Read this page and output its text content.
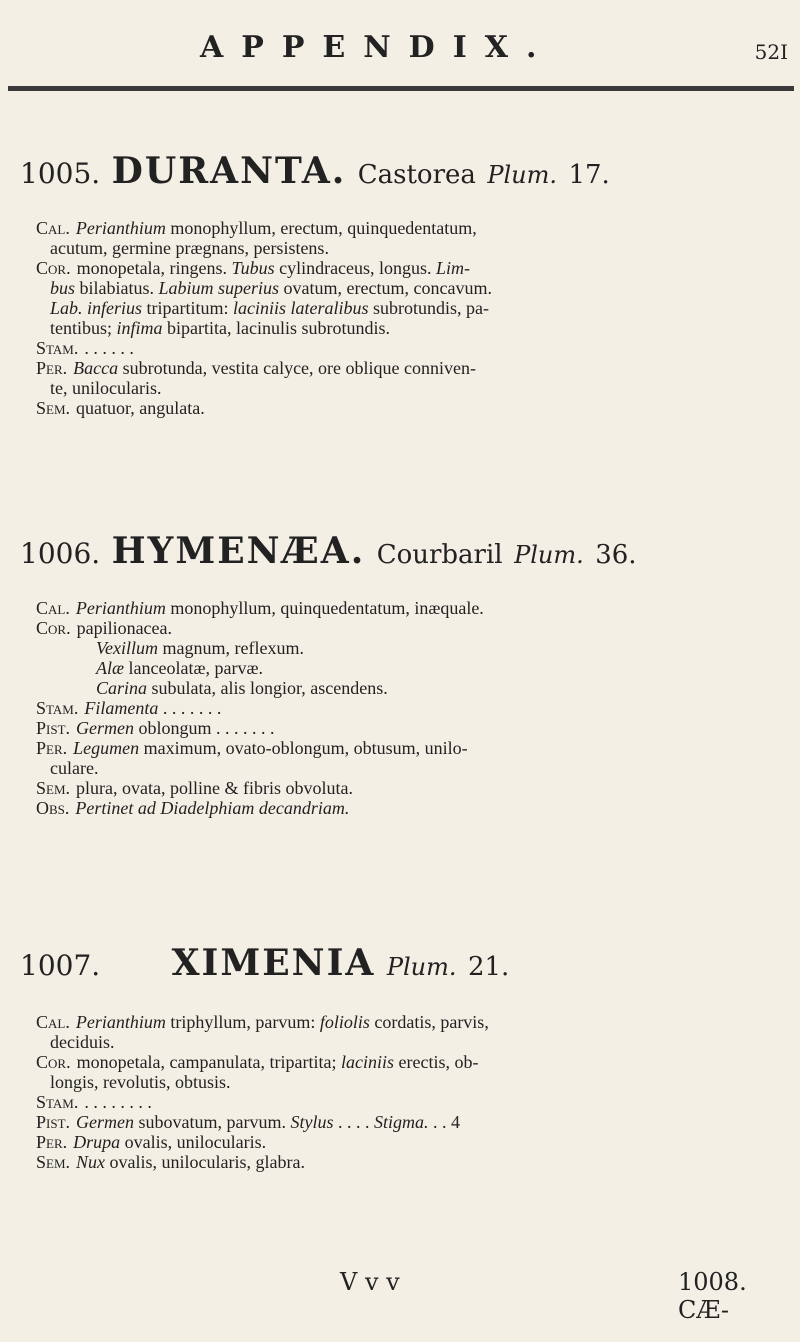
APPENDIX.	52I
1005. DURANTA. Castorea Plum. 17.
Cal. Perianthium monophyllum, erectum, quinquedentatum,
acutum, germine prægnans, persistens.
Cor. monopetala, ringens. Tubus cylindraceus, longus. Lim-
bus bilabiatus. Labium superius ovatum, erectum, concavum.
Lab. inferius tripartitum: laciniis lateralibus subrotundis, pa-
tentibus; infima bipartita, lacinulis subrotundis.
Stam. . . . . . .
Per. Bacca subrotunda, vestita calyce, ore oblique conniven-
te, unilocularis.
Sem. quatuor, angulata.
1006. HYMENÆA. Courbaril Plum. 36.
Cal. Perianthium monophyllum, quinquedentatum, inæquale.
Cor. papilionacea.
Vexillum magnum, reflexum.
Alæ lanceolatæ, parvæ.
Carina subulata, alis longior, ascendens.
Stam. Filamenta . . . . . . .
Pist. Germen oblongum . . . . . . .
Per. Legumen maximum, ovato-oblongum, obtusum, unilo-
culare.
Sem. plura, ovata, polline & fibris obvoluta.
Obs. Pertinet ad Diadelphiam decandriam.
1007. XIMENIA Plum. 21.
Cal. Perianthium triphyllum, parvum: foliolis cordatis, parvis,
deciduis.
Cor. monopetala, campanulata, tripartita; laciniis erectis, ob-
longis, revolutis, obtusis.
Stam. . . . . . . . .
Pist. Germen subovatum, parvum. Stylus . . . . Stigma. . . 4
Per. Drupa ovalis, unilocularis.
Sem. Nux ovalis, unilocularis, glabra.
V v v	1008. CÆ-
